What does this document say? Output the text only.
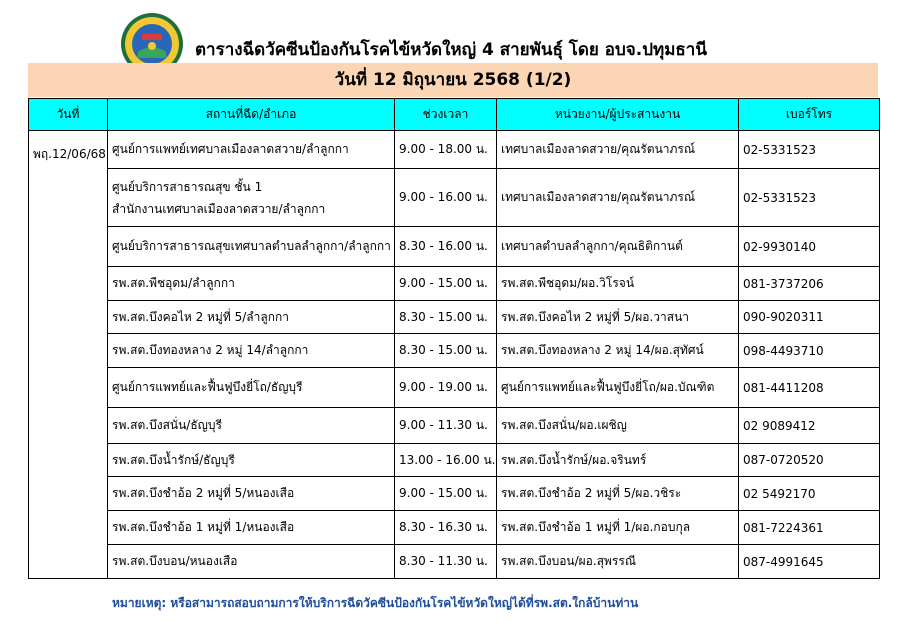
ตารางฉีดวัคซีนป้องกันโรคไข้หวัดใหญ่ 4 สายพันธุ์ โดย อบจ.ปทุมธานี
วันที่ 12 มิถุนายน 2568 (1/2)
วันที่	สถานที่ฉีด/อำเภอ	ช่วงเวลา	หน่วยงาน/ผู้ประสานงาน	เบอร์โทร
พฤ.12/06/68	ศูนย์การแพทย์เทศบาลเมืองลาดสวาย/ลำลูกกา	9.00 - 18.00 น.	เทศบาลเมืองลาดสวาย/คุณรัตนาภรณ์	02-5331523

	ศูนย์บริการสาธารณสุข ชั้น 1
สำนักงานเทศบาลเมืองลาดสวาย/ลำลูกกา	9.00 - 16.00 น.	เทศบาลเมืองลาดสวาย/คุณรัตนาภรณ์	02-5331523
	ศูนย์บริการสาธารณสุขเทศบาลตำบลลำลูกกา/ลำลูกกา	8.30 - 16.00 น.	เทศบาลตำบลลำลูกกา/คุณธิติกานต์	02-9930140
	รพ.สต.พืชอุดม/ลำลูกกา	9.00 - 15.00 น.	รพ.สต.พืชอุดม/ผอ.วิโรจน์	081-3737206
	รพ.สต.บึงคอไห 2 หมู่ที่ 5/ลำลูกกา	8.30 - 15.00 น.	รพ.สต.บึงคอไห 2 หมู่ที่ 5/ผอ.วาสนา	090-9020311
	รพ.สต.บึงทองหลาง 2 หมู่ 14/ลำลูกกา	8.30 - 15.00 น.	รพ.สต.บึงทองหลาง 2 หมู่ 14/ผอ.สุทัศน์	098-4493710
	ศูนย์การแพทย์และฟื้นฟูบึงยี่โถ/ธัญบุรี	9.00 - 19.00 น.	ศูนย์การแพทย์และฟื้นฟูบึงยี่โถ/ผอ.บัณฑิต	081-4411208
	รพ.สต.บึงสนั่น/ธัญบุรี	9.00 - 11.30 น.	รพ.สต.บึงสนั่น/ผอ.เผชิญ	02 9089412
	รพ.สต.บึงน้ำรักษ์/ธัญบุรี	13.00 - 16.00 น.	รพ.สต.บึงน้ำรักษ์/ผอ.จรินทร์	087-0720520
	รพ.สต.บึงชำอ้อ 2 หมู่ที่ 5/หนองเสือ	9.00 - 15.00 น.	รพ.สต.บึงชำอ้อ 2 หมู่ที่ 5/ผอ.วชิระ	02 5492170
	รพ.สต.บึงชำอ้อ 1 หมู่ที่ 1/หนองเสือ	8.30 - 16.30 น.	รพ.สต.บึงชำอ้อ 1 หมู่ที่ 1/ผอ.กอบกุล	081-7224361
	รพ.สต.บึงบอน/หนองเสือ	8.30 - 11.30 น.	รพ.สต.บึงบอน/ผอ.สุพรรณี	087-4991645
หมายเหตุ: หรือสามารถสอบถามการให้บริการฉีดวัคซีนป้องกันโรคไข้หวัดใหญ่ได้ที่รพ.สต.ใกล้บ้านท่าน
